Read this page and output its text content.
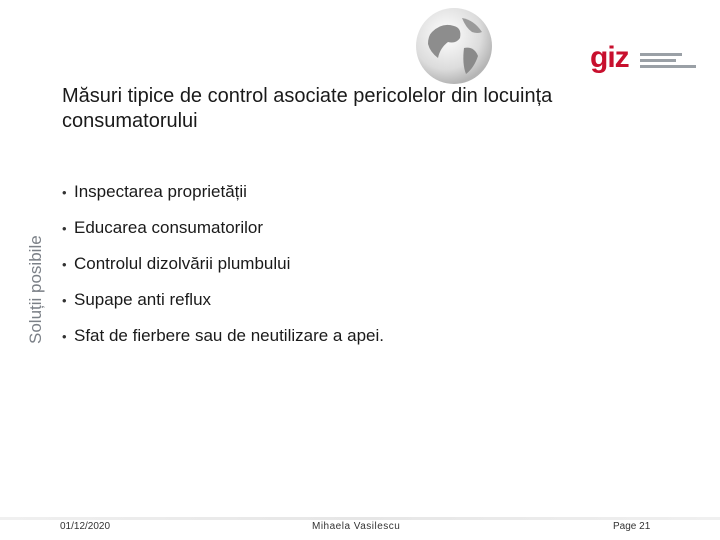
giz
Măsuri tipice de control asociate pericolelor din locuința consumatorului
Soluții posibile
• Inspectarea proprietății
• Educarea consumatorilor
• Controlul dizolvării plumbului
• Supape anti reflux
• Sfat de fierbere sau de neutilizare a apei.
01/12/2020	Mihaela Vasilescu	Page 21
